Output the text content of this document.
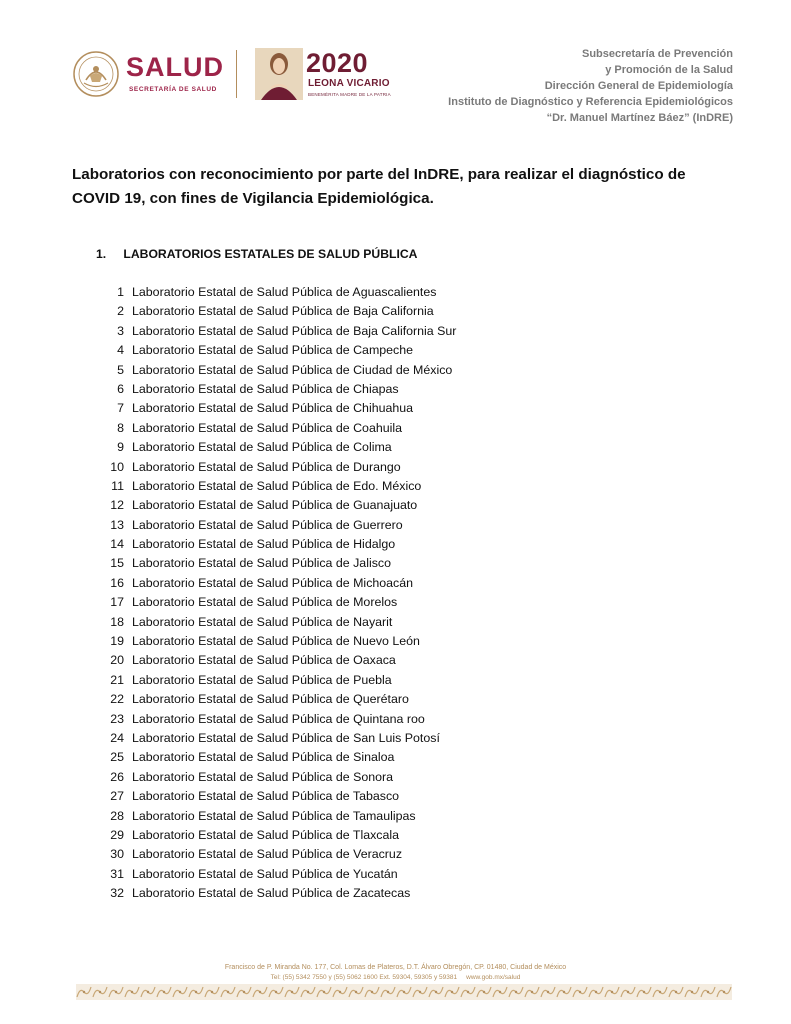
SALUD
SECRETARÍA DE SALUD
2020
LEONA VICARIO
BENEMÉRITA MADRE DE LA PATRIA
Subsecretaría de Prevención
y Promoción de la Salud
Dirección General de Epidemiología
Instituto de Diagnóstico y Referencia Epidemiológicos
“Dr. Manuel Martínez Báez” (InDRE)
Laboratorios con reconocimiento por parte del InDRE, para realizar el diagnóstico de COVID 19, con fines de Vigilancia Epidemiológica.
1. LABORATORIOS ESTATALES DE SALUD PÚBLICA
1 Laboratorio Estatal de Salud Pública de Aguascalientes
2 Laboratorio Estatal de Salud Pública de Baja California
3 Laboratorio Estatal de Salud Pública de Baja California Sur
4 Laboratorio Estatal de Salud Pública de Campeche
5 Laboratorio Estatal de Salud Pública de Ciudad de México
6 Laboratorio Estatal de Salud Pública de Chiapas
7 Laboratorio Estatal de Salud Pública de Chihuahua
8 Laboratorio Estatal de Salud Pública de Coahuila
9 Laboratorio Estatal de Salud Pública de Colima
10 Laboratorio Estatal de Salud Pública de Durango
11 Laboratorio Estatal de Salud Pública de Edo. México
12 Laboratorio Estatal de Salud Pública de Guanajuato
13 Laboratorio Estatal de Salud Pública de Guerrero
14 Laboratorio Estatal de Salud Pública de Hidalgo
15 Laboratorio Estatal de Salud Pública de Jalisco
16 Laboratorio Estatal de Salud Pública de Michoacán
17 Laboratorio Estatal de Salud Pública de Morelos
18 Laboratorio Estatal de Salud Pública de Nayarit
19 Laboratorio Estatal de Salud Pública de Nuevo León
20 Laboratorio Estatal de Salud Pública de Oaxaca
21 Laboratorio Estatal de Salud Pública de Puebla
22 Laboratorio Estatal de Salud Pública de Querétaro
23 Laboratorio Estatal de Salud Pública de Quintana roo
24 Laboratorio Estatal de Salud Pública de San Luis Potosí
25 Laboratorio Estatal de Salud Pública de Sinaloa
26 Laboratorio Estatal de Salud Pública de Sonora
27 Laboratorio Estatal de Salud Pública de Tabasco
28 Laboratorio Estatal de Salud Pública de Tamaulipas
29 Laboratorio Estatal de Salud Pública de Tlaxcala
30 Laboratorio Estatal de Salud Pública de Veracruz
31 Laboratorio Estatal de Salud Pública de Yucatán
32 Laboratorio Estatal de Salud Pública de Zacatecas
Francisco de P. Miranda No. 177, Col. Lomas de Plateros, D.T. Álvaro Obregón, CP. 01480, Ciudad de México
Tel: (55) 5342 7550 y (55) 5062 1600 Ext. 59304, 59305 y 59381 www.gob.mx/salud
